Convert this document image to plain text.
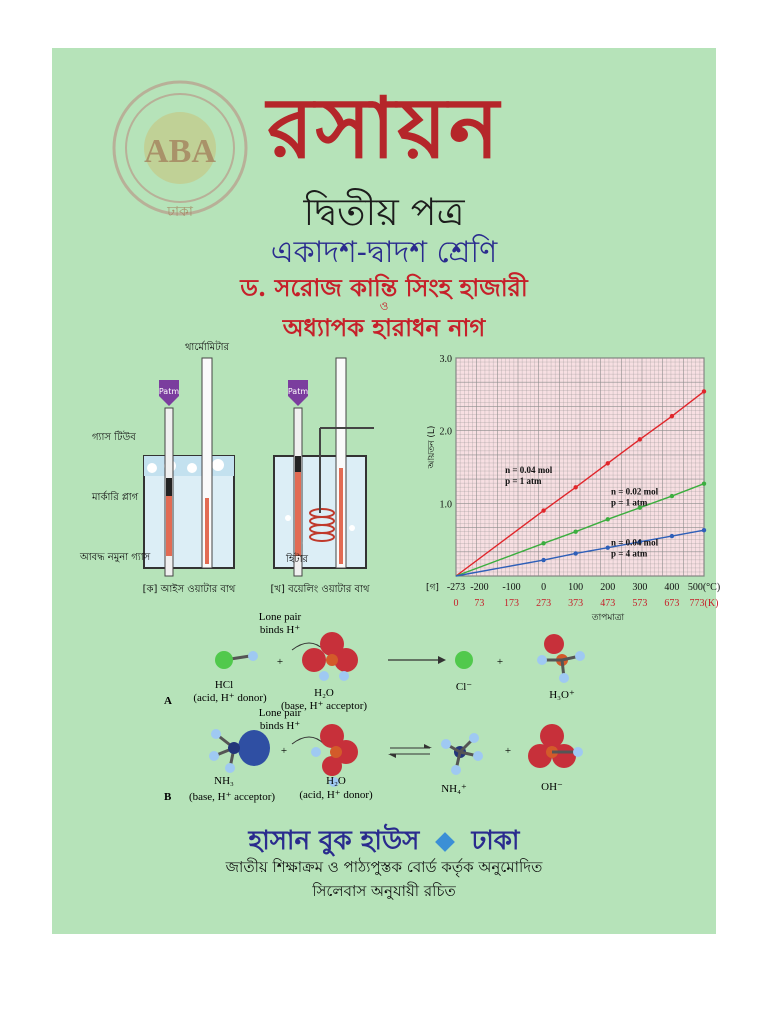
ABA
ঢাকা
রসায়ন
দ্বিতীয় পত্র
একাদশ-দ্বাদশ শ্রেণি
ড. সরোজ কান্তি সিংহ হাজারী
ও
অধ্যাপক হারাধন নাগ
থার্মোমিটার
Patm	Patm
গ্যাস টিউব
মার্কারি প্লাগ
আবদ্ধ নমুনা গ্যাস	হিটার
[ক] আইস ওয়াটার বাথ	[খ] বয়েলিং ওয়াটার বাথ
3.0
2.0
1.0
-273
0
-200
73
-100
173
0
273
100
373
200
473
300
573
400
673
500(°C)
773(K)
[গ]
তাপমাত্রা
আয়তন (L)
n = 0.04 mol
p = 1 atm
n = 0.02 mol
p = 1 atm
n = 0.04 mol
p = 4 atm
A
Lone pair
binds H⁺
HCl
(acid, H⁺ donor)
+
H₂O
(base, H⁺ acceptor)
Cl⁻
+
H₃O⁺
B
Lone pair
binds H⁺
NH₃
(base, H⁺ acceptor)
+
H₂O
(acid, H⁺ donor)	NH₄⁺
+
OH⁻
হাসান বুক হাউস ঢাকা
জাতীয় শিক্ষাক্রম ও পাঠ্যপুস্তক বোর্ড কর্তৃক অনুমোদিত
সিলেবাস অনুযায়ী রচিত
